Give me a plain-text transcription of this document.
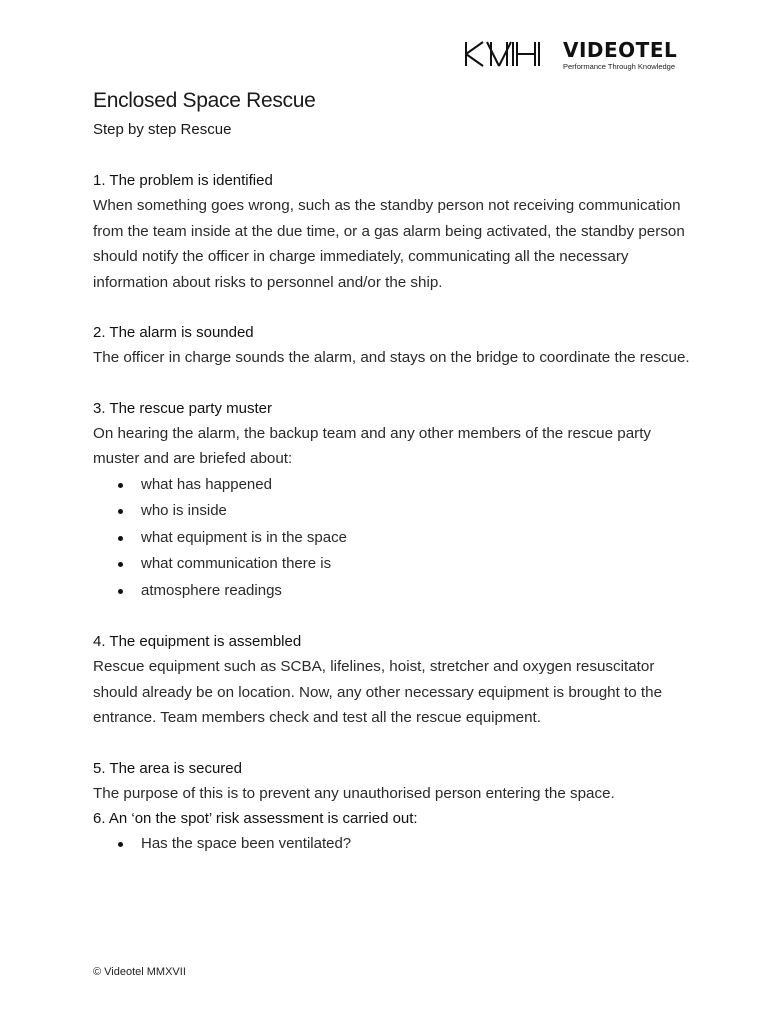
VIDEOTEL
Performance Through Knowledge
Enclosed Space Rescue

Step by step Rescue

1. The problem is identified

When something goes wrong, such as the standby person not receiving communication from the team inside at the due time, or a gas alarm being activated, the standby person should notify the officer in charge immediately, communicating all the necessary information about risks to personnel and/or the ship.

2. The alarm is sounded

The officer in charge sounds the alarm, and stays on the bridge to coordinate the rescue.

3. The rescue party muster

On hearing the alarm, the backup team and any other members of the rescue party muster and are briefed about:

what has happened
who is inside
what equipment is in the space
what communication there is
atmosphere readings

4. The equipment is assembled

Rescue equipment such as SCBA, lifelines, hoist, stretcher and oxygen resuscitator should already be on location. Now, any other necessary equipment is brought to the entrance. Team members check and test all the rescue equipment.

5. The area is secured

The purpose of this is to prevent any unauthorised person entering the space.

6. An ‘on the spot’ risk assessment is carried out:

Has the space been ventilated?
© Videotel MMXVII
